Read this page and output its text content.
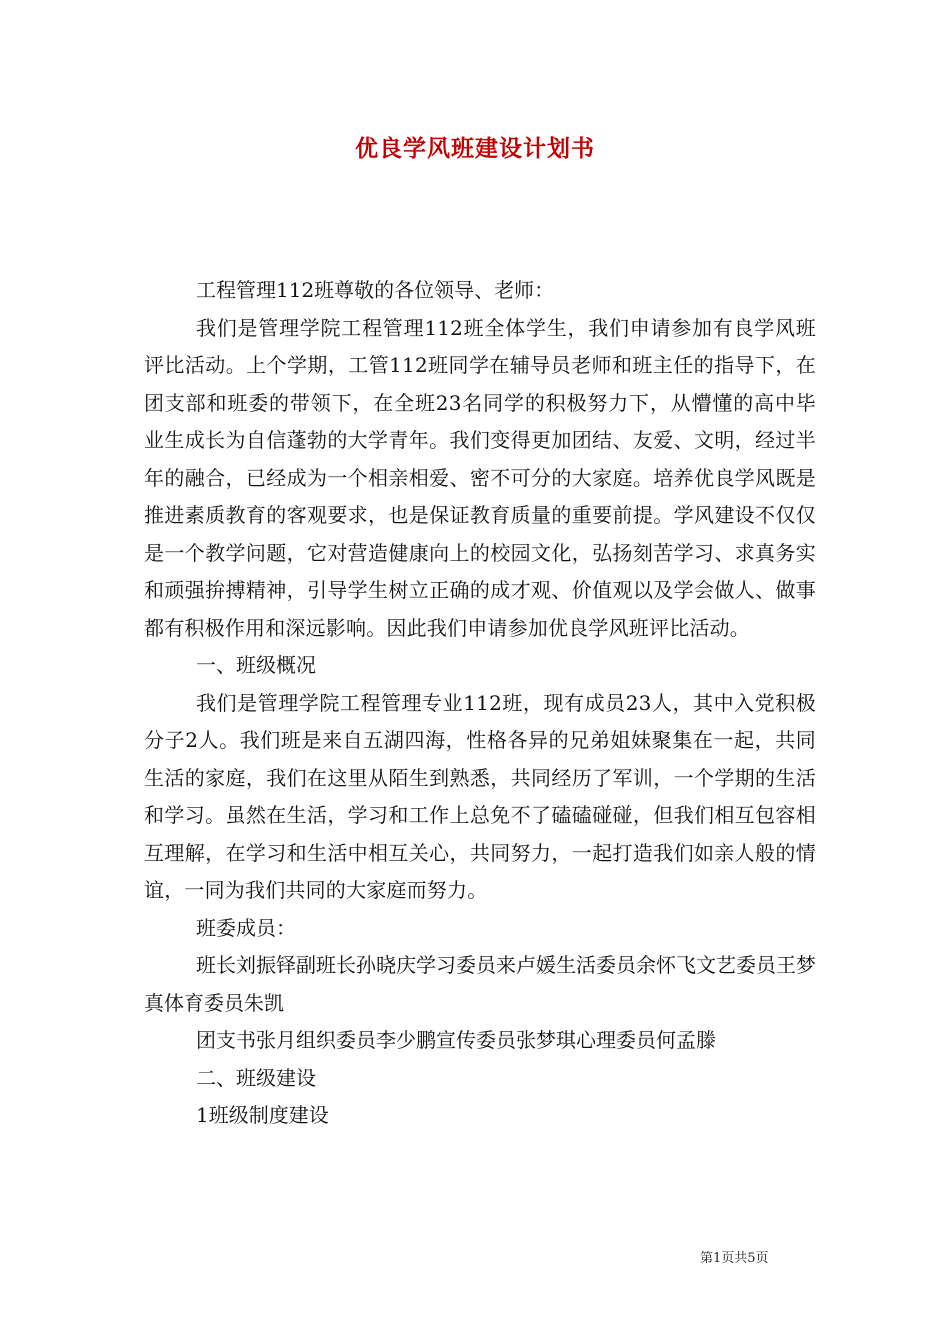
优良学风班建设计划书

工程管理112班尊敬的各位领导、老师：

我们是管理学院工程管理112班全体学生，我们申请参加有良学风班评比活动。上个学期，工管112班同学在辅导员老师和班主任的指导下，在团支部和班委的带领下，在全班23名同学的积极努力下，从懵懂的高中毕业生成长为自信蓬勃的大学青年。我们变得更加团结、友爱、文明，经过半年的融合，已经成为一个相亲相爱、密不可分的大家庭。培养优良学风既是推进素质教育的客观要求，也是保证教育质量的重要前提。学风建设不仅仅是一个教学问题，它对营造健康向上的校园文化，弘扬刻苦学习、求真务实和顽强拚搏精神，引导学生树立正确的成才观、价值观以及学会做人、做事都有积极作用和深远影响。因此我们申请参加优良学风班评比活动。

一、班级概况

我们是管理学院工程管理专业112班，现有成员23人，其中入党积极分子2人。我们班是来自五湖四海，性格各异的兄弟姐妹聚集在一起，共同生活的家庭，我们在这里从陌生到熟悉，共同经历了军训，一个学期的生活和学习。虽然在生活，学习和工作上总免不了磕磕碰碰，但我们相互包容相互理解，在学习和生活中相互关心，共同努力，一起打造我们如亲人般的情谊，一同为我们共同的大家庭而努力。

班委成员：

班长刘振铎副班长孙晓庆学习委员来卢媛生活委员余怀飞文艺委员王梦真体育委员朱凯

团支书张月组织委员李少鹏宣传委员张梦琪心理委员何孟滕

二、班级建设

1班级制度建设

第1页共5页
